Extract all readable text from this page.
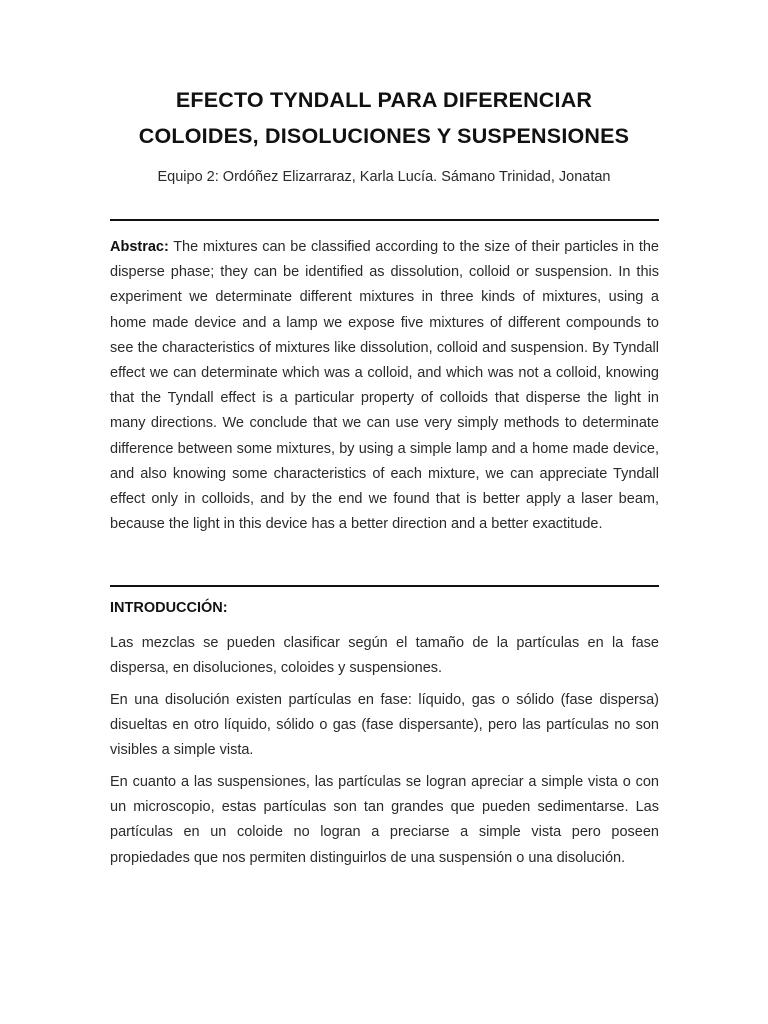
EFECTO TYNDALL PARA DIFERENCIAR
COLOIDES, DISOLUCIONES Y SUSPENSIONES

Equipo 2: Ordóñez Elizarraraz, Karla Lucía. Sámano Trinidad, Jonatan

Abstrac: The mixtures can be classified according to the size of their particles in the disperse phase; they can be identified as dissolution, colloid or suspension. In this experiment we determinate different mixtures in three kinds of mixtures, using a home made device and a lamp we expose five mixtures of different compounds to see the characteristics of mixtures like dissolution, colloid and suspension. By Tyndall effect we can determinate which was a colloid, and which was not a colloid, knowing that the Tyndall effect is a particular property of colloids that disperse the light in many directions. We conclude that we can use very simply methods to determinate difference between some mixtures, by using a simple lamp and a home made device, and also knowing some characteristics of each mixture, we can appreciate Tyndall effect only in colloids, and by the end we found that is better apply a laser beam, because the light in this device has a better direction and a better exactitude.

INTRODUCCIÓN:

Las mezclas se pueden clasificar según el tamaño de la partículas en la fase dispersa, en disoluciones, coloides y suspensiones.

En una disolución existen partículas en fase: líquido, gas o sólido (fase dispersa) disueltas en otro líquido, sólido o gas (fase dispersante), pero las partículas no son visibles a simple vista.

En cuanto a las suspensiones, las partículas se logran apreciar a simple vista o con un microscopio, estas partículas son tan grandes que pueden sedimentarse. Las partículas en un coloide no logran a preciarse a simple vista pero poseen propiedades que nos permiten distinguirlos de una suspensión o una disolución.
